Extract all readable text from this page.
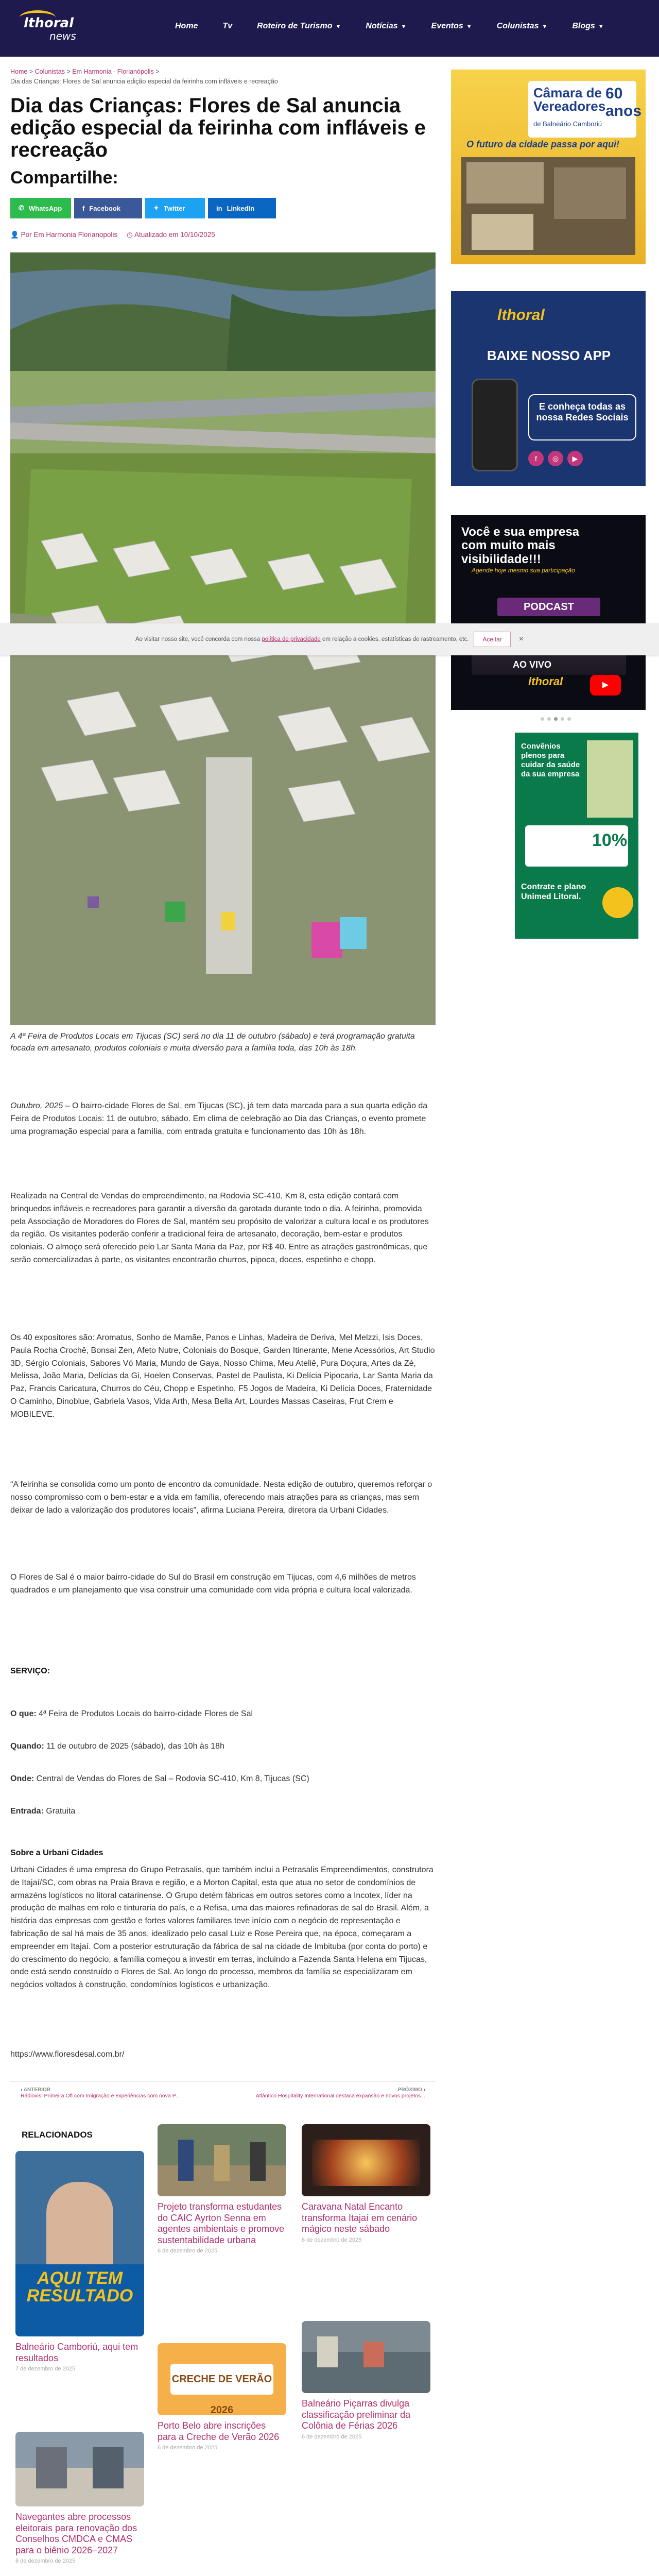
lthoral
news
Home	Tv	Roteiro de Turismo ▼	Notícias ▼	Eventos ▼	Colunistas ▼	Blogs ▼
Home > Colunistas > Em Harmonia - Florianópolis >
Dia das Crianças: Flores de Sal anuncia edição especial da feirinha com infláveis e recreação
Dia das Crianças: Flores de Sal anuncia edição especial da feirinha com infláveis e recreação
Compartilhe:
✆ WhatsApp	f Facebook	✦ Twitter	in LinkedIn
👤 Por Em Harmonia Florianopolis ◷ Atualizado em 10/10/2025
A 4ª Feira de Produtos Locais em Tijucas (SC) será no dia 11 de outubro (sábado) e terá programação gratuita focada em artesanato, produtos coloniais e muita diversão para a família toda, das 10h às 18h.
Outubro, 2025 – O bairro-cidade Flores de Sal, em Tijucas (SC), já tem data marcada para a sua quarta edição da Feira de Produtos Locais: 11 de outubro, sábado. Em clima de celebração ao Dia das Crianças, o evento promete uma programação especial para a família, com entrada gratuita e funcionamento das 10h às 18h.
Realizada na Central de Vendas do empreendimento, na Rodovia SC-410, Km 8, esta edição contará com brinquedos infláveis e recreadores para garantir a diversão da garotada durante todo o dia. A feirinha, promovida pela Associação de Moradores do Flores de Sal, mantém seu propósito de valorizar a cultura local e os produtores da região. Os visitantes poderão conferir a tradicional feira de artesanato, decoração, bem-estar e produtos coloniais. O almoço será oferecido pelo Lar Santa Maria da Paz, por R$ 40. Entre as atrações gastronômicas, que serão comercializadas à parte, os visitantes encontrarão churros, pipoca, doces, espetinho e chopp.
Os 40 expositores são: Aromatus, Sonho de Mamãe, Panos e Linhas, Madeira de Deriva, Mel Melzzi, Isis Doces, Paula Rocha Crochê, Bonsai Zen, Afeto Nutre, Coloniais do Bosque, Garden Itinerante, Mene Acessórios, Art Studio 3D, Sérgio Coloniais, Sabores Vó Maria, Mundo de Gaya, Nosso Chima, Meu Ateliê, Pura Doçura, Artes da Zé, Melissa, João Maria, Delícias da Gi, Hoelen Conservas, Pastel de Paulista, Ki Delícia Pipocaria, Lar Santa Maria da Paz, Francis Caricatura, Churros do Céu, Chopp e Espetinho, F5 Jogos de Madeira, Ki Delícia Doces, Fraternidade O Caminho, Dinoblue, Gabriela Vasos, Vida Arth, Mesa Bella Art, Lourdes Massas Caseiras, Frut Crem e MOBILEVE.
“A feirinha se consolida como um ponto de encontro da comunidade. Nesta edição de outubro, queremos reforçar o nosso compromisso com o bem-estar e a vida em família, oferecendo mais atrações para as crianças, mas sem deixar de lado a valorização dos produtores locais”, afirma Luciana Pereira, diretora da Urbani Cidades.
O Flores de Sal é o maior bairro-cidade do Sul do Brasil em construção em Tijucas, com 4,6 milhões de metros quadrados e um planejamento que visa construir uma comunidade com vida própria e cultura local valorizada.
SERVIÇO:
O que: 4ª Feira de Produtos Locais do bairro-cidade Flores de Sal
Quando: 11 de outubro de 2025 (sábado), das 10h às 18h
Onde: Central de Vendas do Flores de Sal – Rodovia SC-410, Km 8, Tijucas (SC)
Entrada: Gratuita
Sobre a Urbani Cidades
Urbani Cidades é uma empresa do Grupo Petrasalis, que também inclui a Petrasalis Empreendimentos, construtora de Itajaí/SC, com obras na Praia Brava e região, e a Morton Capital, esta que atua no setor de condomínios de armazéns logísticos no litoral catarinense. O Grupo detém fábricas em outros setores como a Incotex, líder na produção de malhas em rolo e tinturaria do país, e a Refisa, uma das maiores refinadoras de sal do Brasil. Além, a história das empresas com gestão e fortes valores familiares teve início com o negócio de representação e fabricação de sal há mais de 35 anos, idealizado pelo casal Luiz e Rose Pereira que, na época, começaram a empreender em Itajaí. Com a posterior estruturação da fábrica de sal na cidade de Imbituba (por conta do porto) e do crescimento do negócio, a família começou a investir em terras, incluindo a Fazenda Santa Helena em Tijucas, onde está sendo construído o Flores de Sal. Ao longo do processo, membros da família se especializaram em negócios voltados à construção, condomínios logísticos e urbanização.
https://www.floresdesal.com.br/
‹ ANTERIOR
Rádiovisi Primeira Ofl com Imigração e experiências com nova P...
PRÓXIMO ›
Atlântico Hospitality International destaca expansão e novos projetos...
RELACIONADOS
AQUI TEM RESULTADO
Balneário Camboriú, aqui tem resultados
7 de dezembro de 2025
Navegantes abre processos eleitorais para renovação dos Conselhos CMDCA e CMAS para o biênio 2026–2027
6 de dezembro de 2025
Projeto transforma estudantes do CAIC Ayrton Senna em agentes ambientais e promove sustentabilidade urbana
6 de dezembro de 2025
CRECHE DE VERÃO 2026
Porto Belo abre inscrições para a Creche de Verão 2026
6 de dezembro de 2025
Caravana Natal Encanto transforma Itajaí em cenário mágico neste sábado
6 de dezembro de 2025
Balneário Piçarras divulga classificação preliminar da Colônia de Férias 2026
6 de dezembro de 2025
Câmara de Vereadores
de Balneário Camboriú
60 anos
O futuro da cidade passa por aqui!
lthoral
BAIXE NOSSO APP
E conheça todas as nossa Redes Sociais
f	◎	▶
Você e sua empresa
com muito mais visibilidade!!!
Agende hoje mesmo sua participação
PODCAST
AO VIVO
lthoral	▶
Convênios plenos para cuidar da saúde da sua empresa
10%
Contrate e plano Unimed Litoral.
Ao visitar nosso site, você concorda com nossa política de privacidade em relação a cookies, estatísticas de rastreamento, etc.	Aceitar	×
